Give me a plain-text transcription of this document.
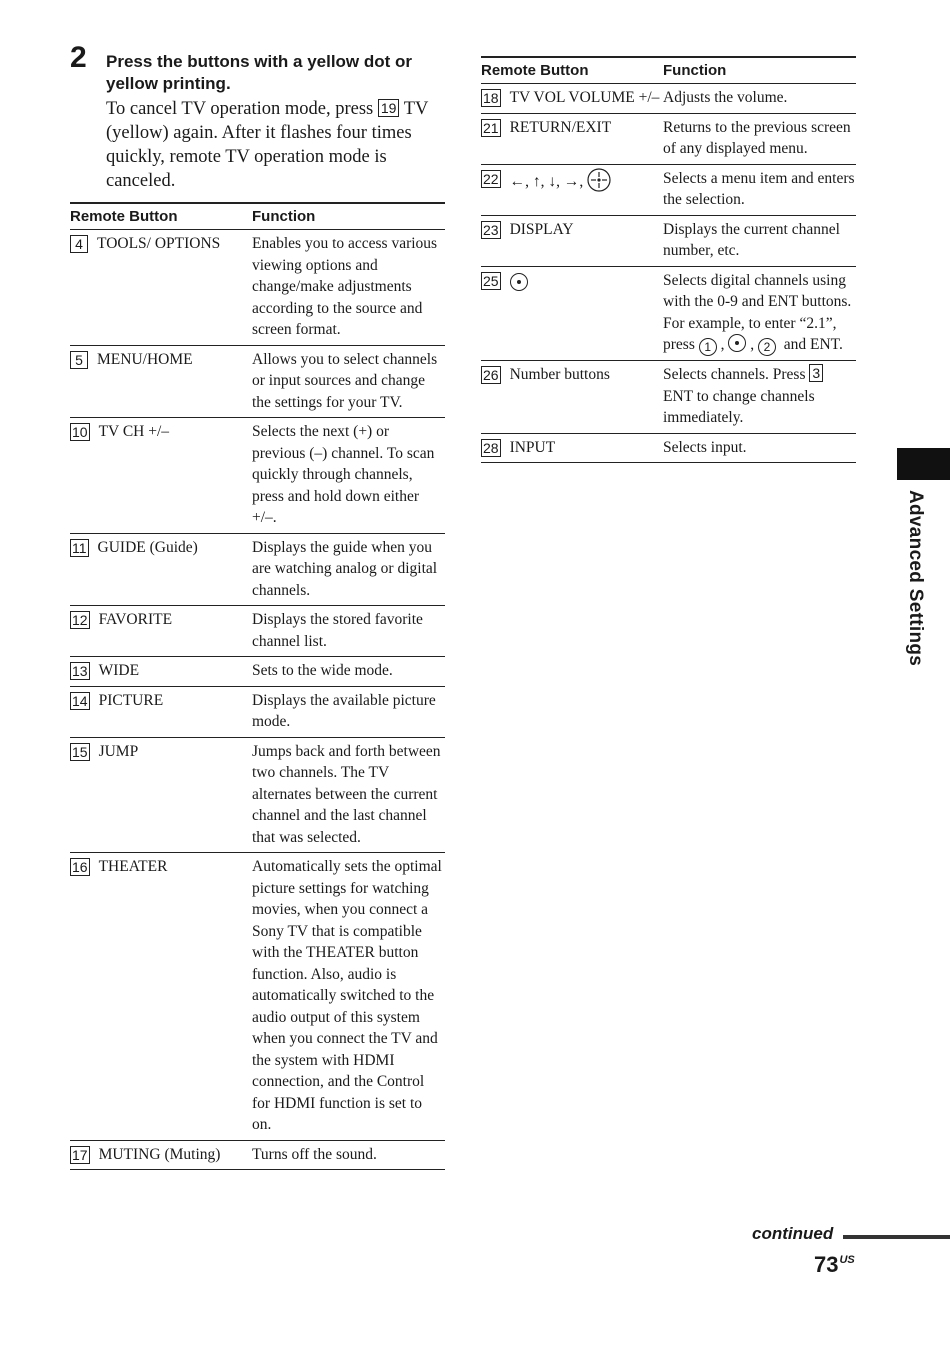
2 Press the buttons with a yellow dot or yellow printing.
To cancel TV operation mode, press 19 TV (yellow) again. After it flashes four times quickly, remote TV operation mode is canceled.
Remote Button	Function

4 TOOLS/ OPTIONS	Enables you to access various viewing options and change/make adjustments according to the source and screen format.

5 MENU/HOME	Allows you to select channels or input sources and change the settings for your TV.

10 TV CH +/–	Selects the next (+) or previous (–) channel. To scan quickly through channels, press and hold down either +/–.

11 GUIDE (Guide)	Displays the guide when you are watching analog or digital channels.

12 FAVORITE	Displays the stored favorite channel list.

13 WIDE	Sets to the wide mode.

14 PICTURE	Displays the available picture mode.

15 JUMP	Jumps back and forth between two channels. The TV alternates between the current channel and the last channel that was selected.

16 THEATER	Automatically sets the optimal picture settings for watching movies, when you connect a Sony TV that is compatible with the THEATER button function. Also, audio is automatically switched to the audio output of this system when you connect the TV and the system with HDMI connection, and the Control for HDMI function is set to on.

17 MUTING (Muting)	Turns off the sound.
Remote Button	Function

18 TV VOL VOLUME +/–	Adjusts the volume.

21 RETURN/EXIT	Returns to the previous screen of any displayed menu.

22 ←, ↑, ↓, →,	Selects a menu item and enters the selection.

23 DISPLAY	Displays the current channel number, etc.

25	Selects digital channels using with the 0-9 and ENT buttons. For example, to enter “2.1”, press 1 ,  , 2 and ENT.

26 Number buttons	Selects channels. Press 3 ENT to change channels immediately.

28 INPUT	Selects input.
Advanced Settings
continued
$73^{US}$
